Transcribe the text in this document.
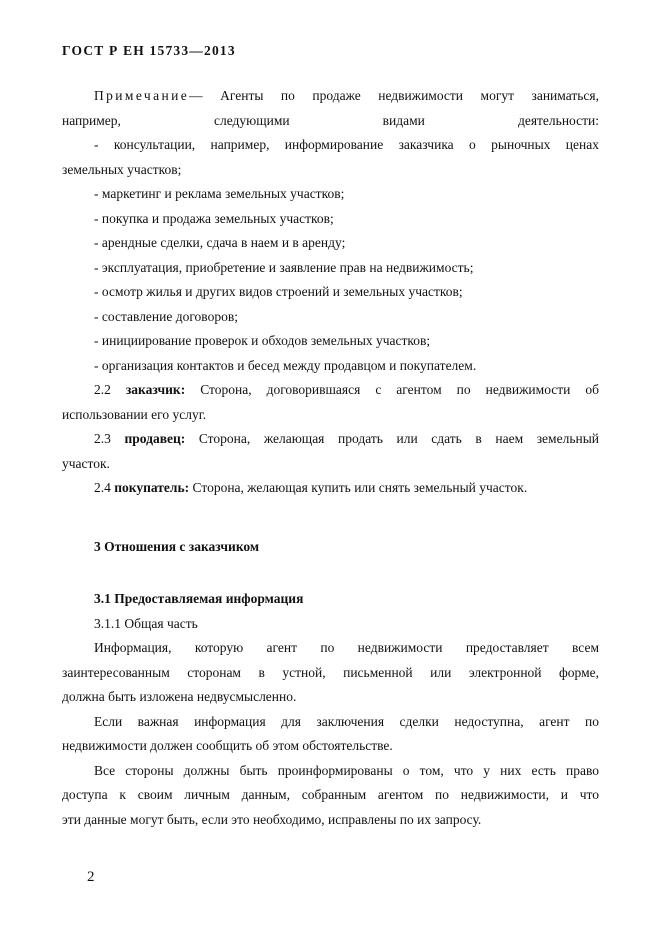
ГОСТ Р ЕН 15733—2013
Примечание— Агенты по продаже недвижимости могут заниматься,
например, следующими видами деятельности:
- консультации, например, информирование заказчика о рыночных ценах
земельных участков;
- маркетинг и реклама земельных участков;
- покупка и продажа земельных участков;
- арендные сделки, сдача в наем и в аренду;
- эксплуатация, приобретение и заявление прав на недвижимость;
- осмотр жилья и других видов строений и земельных участков;
- составление договоров;
- инициирование проверок и обходов земельных участков;
- организация контактов и бесед между продавцом и покупателем.
2.2 заказчик: Сторона, договорившаяся с агентом по недвижимости об
использовании его услуг.
2.3 продавец: Сторона, желающая продать или сдать в наем земельный
участок.
2.4 покупатель: Сторона, желающая купить или снять земельный участок.
3 Отношения с заказчиком
3.1 Предоставляемая информация
3.1.1 Общая часть
Информация, которую агент по недвижимости предоставляет всем
заинтересованным сторонам в устной, письменной или электронной форме,
должна быть изложена недвусмысленно.
Если важная информация для заключения сделки недоступна, агент по
недвижимости должен сообщить об этом обстоятельстве.
Все стороны должны быть проинформированы о том, что у них есть право
доступа к своим личным данным, собранным агентом по недвижимости, и что
эти данные могут быть, если это необходимо, исправлены по их запросу.
2
